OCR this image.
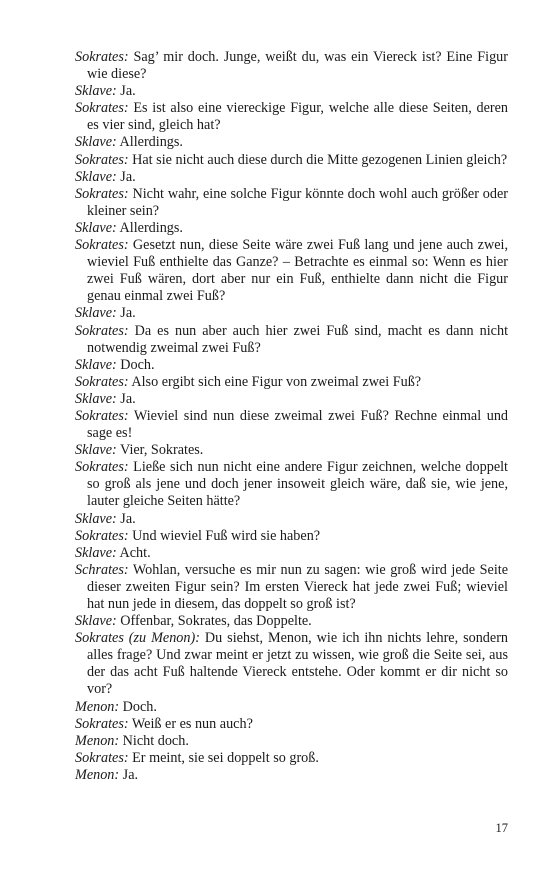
Sokrates: Sag’ mir doch. Junge, weißt du, was ein Viereck ist? Eine Figur wie diese?

Sklave: Ja.

Sokrates: Es ist also eine viereckige Figur, welche alle diese Seiten, deren es vier sind, gleich hat?

Sklave: Allerdings.

Sokrates: Hat sie nicht auch diese durch die Mitte gezogenen Linien gleich?

Sklave: Ja.

Sokrates: Nicht wahr, eine solche Figur könnte doch wohl auch größer oder kleiner sein?

Sklave: Allerdings.

Sokrates: Gesetzt nun, diese Seite wäre zwei Fuß lang und jene auch zwei, wieviel Fuß enthielte das Ganze? – Betrachte es einmal so: Wenn es hier zwei Fuß wären, dort aber nur ein Fuß, enthielte dann nicht die Figur genau einmal zwei Fuß?

Sklave: Ja.

Sokrates: Da es nun aber auch hier zwei Fuß sind, macht es dann nicht notwendig zweimal zwei Fuß?

Sklave: Doch.

Sokrates: Also ergibt sich eine Figur von zweimal zwei Fuß?

Sklave: Ja.

Sokrates: Wieviel sind nun diese zweimal zwei Fuß? Rechne einmal und sage es!

Sklave: Vier, Sokrates.

Sokrates: Ließe sich nun nicht eine andere Figur zeichnen, welche doppelt so groß als jene und doch jener insoweit gleich wäre, daß sie, wie jene, lauter gleiche Seiten hätte?

Sklave: Ja.

Sokrates: Und wieviel Fuß wird sie haben?

Sklave: Acht.

Schrates: Wohlan, versuche es mir nun zu sagen: wie groß wird jede Seite dieser zweiten Figur sein? Im ersten Viereck hat jede zwei Fuß; wieviel hat nun jede in diesem, das doppelt so groß ist?

Sklave: Offenbar, Sokrates, das Doppelte.

Sokrates (zu Menon): Du siehst, Menon, wie ich ihn nichts lehre, sondern alles frage? Und zwar meint er jetzt zu wissen, wie groß die Seite sei, aus der das acht Fuß haltende Viereck entstehe. Oder kommt er dir nicht so vor?

Menon: Doch.

Sokrates: Weiß er es nun auch?

Menon: Nicht doch.

Sokrates: Er meint, sie sei doppelt so groß.

Menon: Ja.

17
